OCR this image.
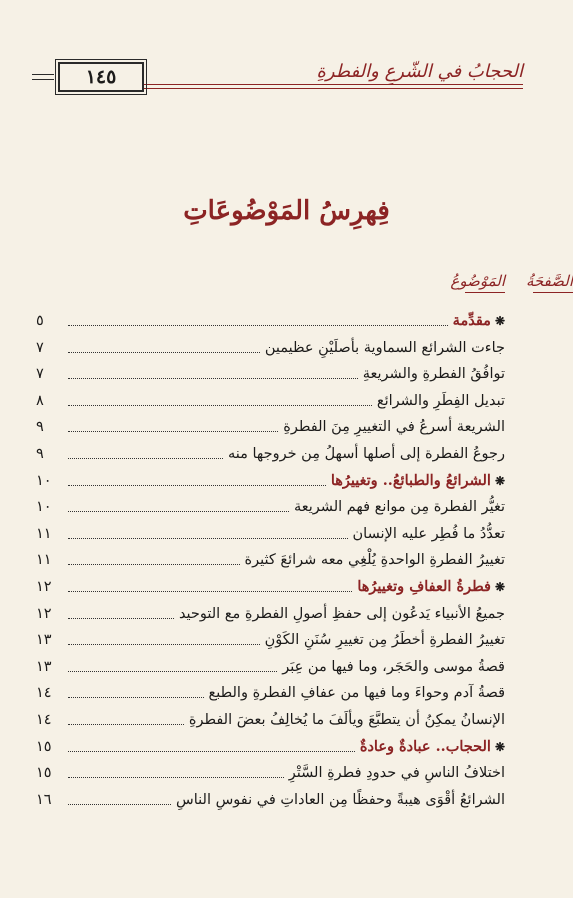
الحجابُ في الشّرعِ والفطرةِ
١٤٥
فِهرِسُ المَوْضُوعَاتِ
المَوْضُوعُ	الصَّفحَةُ
❋مقدِّمة
٥
جاءت الشرائع السماوية بأصلَيْنِ عظيمين
٧
توافُقُ الفطرةِ والشريعةِ
٧
تبديل الفِطَرِ والشرائع
٨
الشريعة أسرعُ في التغييرِ مِنَ الفطرةِ
٩
رجوعُ الفطرة إلى أصلها أسهلُ مِن خروجها منه
٩
❋الشرائعُ والطبائعُ.. وتغييرُها
١٠
تغيُّر الفطرة مِن موانع فهم الشريعة
١٠
تعدُّدُ ما فُطِر عليه الإنسان
١١
تغييرُ الفطرةِ الواحدةِ يُلْغِي معه شرائعَ كثيرة
١١
❋فطرةُ العفافِ وتغييرُها
١٢
جميعُ الأنبياء يَدعُون إلى حفظِ أصولِ الفطرةِ مع التوحيد
١٢
تغييرُ الفطرةِ أخطَرُ مِن تغييرِ سُنَنِ الكَوْنِ
١٣
قصةُ موسى والحَجَر، وما فيها من عِبَر
١٣
قصةُ آدم وحواءَ وما فيها من عفافِ الفطرةِ والطبع
١٤
الإنسانُ يمكِنُ أن يتطبَّعَ ويألَفَ ما يُخالِفُ بعضَ الفطرةِ
١٤
❋الحجاب.. عبادةٌ وعادةٌ
١٥
اختلافُ الناسِ في حدودِ فطرةِ السَّتْرِ
١٥
الشرائعُ أقْوَى هيبةً وحفظًا مِن العاداتِ في نفوسِ الناسِ
١٦
